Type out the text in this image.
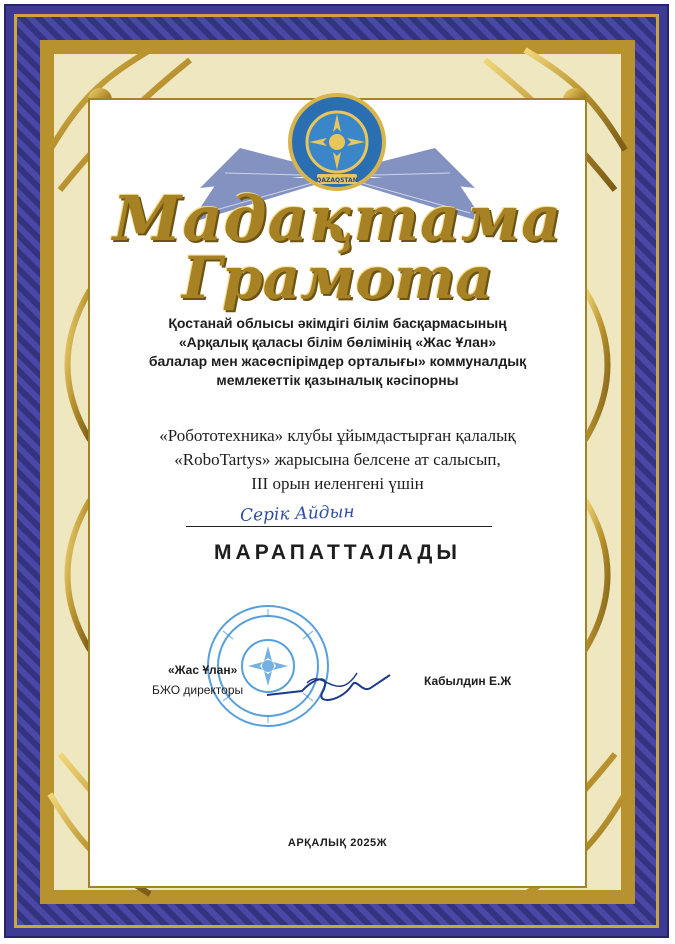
QAZAQSTAN
Мадақтама
Грамота
Қостанай облысы әкімдігі білім басқармасының
«Арқалық қаласы білім бөлімінің «Жас Ұлан»
балалар мен жасөспірімдер орталығы» коммуналдық
мемлекеттік қазыналық кәсіпорны
«Робототехника» клубы ұйымдастырған қалалық
«RoboTartys» жарысына белсене ат салысып,
III орын иеленгені үшін
Серік Айдын
МАРАПАТТАЛАДЫ
«Жас Ұлан»
БЖО директоры
Кабылдин Е.Ж
АРҚАЛЫҚ 2025Ж
